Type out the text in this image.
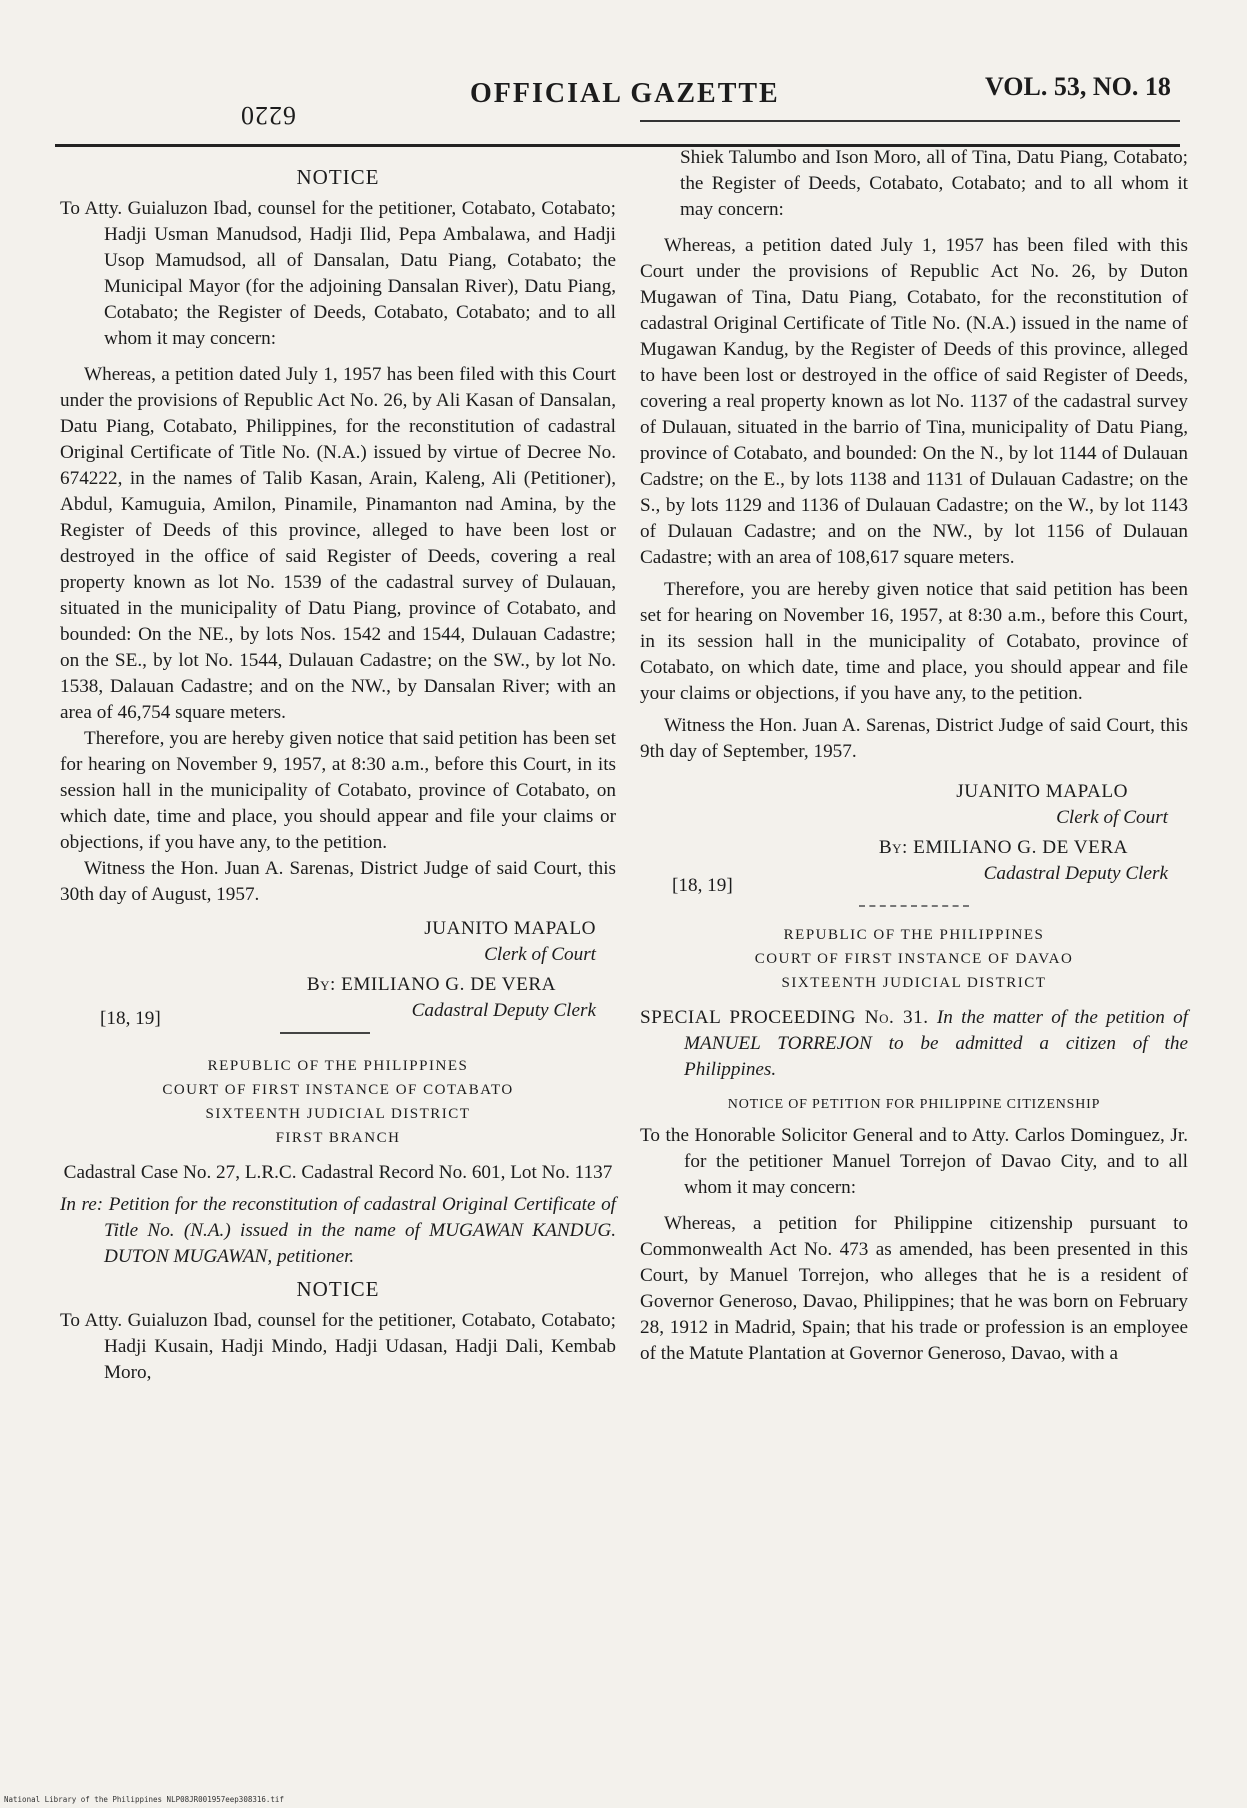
6220
OFFICIAL GAZETTE	VOL. 53, NO. 18
NOTICE

To Atty. Guialuzon Ibad, counsel for the petitioner, Cotabato, Cotabato; Hadji Usman Manudsod, Hadji Ilid, Pepa Ambalawa, and Hadji Usop Mamudsod, all of Dansalan, Datu Piang, Cotabato; the Municipal Mayor (for the adjoining Dansalan River), Datu Piang, Cotabato; the Register of Deeds, Cotabato, Cotabato; and to all whom it may concern:

Whereas, a petition dated July 1, 1957 has been filed with this Court under the provisions of Republic Act No. 26, by Ali Kasan of Dansalan, Datu Piang, Cotabato, Philippines, for the reconstitution of cadastral Original Certificate of Title No. (N.A.) issued by virtue of Decree No. 674222, in the names of Talib Kasan, Arain, Kaleng, Ali (Petitioner), Abdul, Kamuguia, Amilon, Pinamile, Pinamanton nad Amina, by the Register of Deeds of this province, alleged to have been lost or destroyed in the office of said Register of Deeds, covering a real property known as lot No. 1539 of the cadastral survey of Dulauan, situated in the municipality of Datu Piang, province of Cotabato, and bounded: On the NE., by lots Nos. 1542 and 1544, Dulauan Cadastre; on the SE., by lot No. 1544, Dulauan Cadastre; on the SW., by lot No. 1538, Dalauan Cadastre; and on the NW., by Dansalan River; with an area of 46,754 square meters.

Therefore, you are hereby given notice that said petition has been set for hearing on November 9, 1957, at 8:30 a.m., before this Court, in its session hall in the municipality of Cotabato, province of Cotabato, on which date, time and place, you should appear and file your claims or objections, if you have any, to the petition.

Witness the Hon. Juan A. Sarenas, District Judge of said Court, this 30th day of August, 1957.

JUANITO MAPALO
Clerk of Court
By: EMILIANO G. DE VERA
Cadastral Deputy Clerk
[18, 19]
REPUBLIC OF THE PHILIPPINES
COURT OF FIRST INSTANCE OF COTABATO
SIXTEENTH JUDICIAL DISTRICT
FIRST BRANCH

Cadastral Case No. 27, L.R.C. Cadastral Record No. 601, Lot No. 1137

In re: Petition for the reconstitution of cadastral Original Certificate of Title No. (N.A.) issued in the name of MUGAWAN KANDUG. DUTON MUGAWAN, petitioner.

NOTICE

To Atty. Guialuzon Ibad, counsel for the petitioner, Cotabato, Cotabato; Hadji Kusain, Hadji Mindo, Hadji Udasan, Hadji Dali, Kembab Moro,

Shiek Talumbo and Ison Moro, all of Tina, Datu Piang, Cotabato; the Register of Deeds, Cotabato, Cotabato; and to all whom it may concern:

Whereas, a petition dated July 1, 1957 has been filed with this Court under the provisions of Republic Act No. 26, by Duton Mugawan of Tina, Datu Piang, Cotabato, for the reconstitution of cadastral Original Certificate of Title No. (N.A.) issued in the name of Mugawan Kandug, by the Register of Deeds of this province, alleged to have been lost or destroyed in the office of said Register of Deeds, covering a real property known as lot No. 1137 of the cadastral survey of Dulauan, situated in the barrio of Tina, municipality of Datu Piang, province of Cotabato, and bounded: On the N., by lot 1144 of Dulauan Cadstre; on the E., by lots 1138 and 1131 of Dulauan Cadastre; on the S., by lots 1129 and 1136 of Dulauan Cadastre; on the W., by lot 1143 of Dulauan Cadastre; and on the NW., by lot 1156 of Dulauan Cadastre; with an area of 108,617 square meters.

Therefore, you are hereby given notice that said petition has been set for hearing on November 16, 1957, at 8:30 a.m., before this Court, in its session hall in the municipality of Cotabato, province of Cotabato, on which date, time and place, you should appear and file your claims or objections, if you have any, to the petition.

Witness the Hon. Juan A. Sarenas, District Judge of said Court, this 9th day of September, 1957.

JUANITO MAPALO
Clerk of Court
By: EMILIANO G. DE VERA
Cadastral Deputy Clerk
[18, 19]
REPUBLIC OF THE PHILIPPINES
COURT OF FIRST INSTANCE OF DAVAO
SIXTEENTH JUDICIAL DISTRICT

SPECIAL PROCEEDING No. 31. In the matter of the petition of MANUEL TORREJON to be admitted a citizen of the Philippines.

NOTICE OF PETITION FOR PHILIPPINE CITIZENSHIP

To the Honorable Solicitor General and to Atty. Carlos Dominguez, Jr. for the petitioner Manuel Torrejon of Davao City, and to all whom it may concern:

Whereas, a petition for Philippine citizenship pursuant to Commonwealth Act No. 473 as amended, has been presented in this Court, by Manuel Torrejon, who alleges that he is a resident of Governor Generoso, Davao, Philippines; that he was born on February 28, 1912 in Madrid, Spain; that his trade or profession is an employee of the Matute Plantation at Governor Generoso, Davao, with a

National Library of the Philippines NLP08JR001957eep308316.tif
